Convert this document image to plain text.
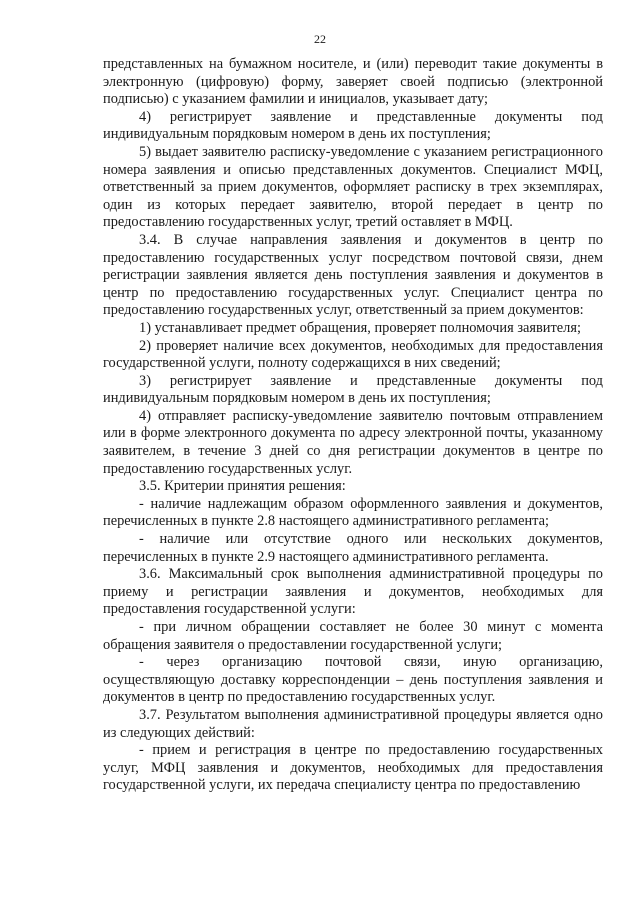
22

представленных на бумажном носителе, и (или) переводит такие документы в электронную (цифровую) форму, заверяет своей подписью (электронной подписью) с указанием фамилии и инициалов, указывает дату;

4) регистрирует заявление и представленные документы под индивидуальным порядковым номером в день их поступления;

5) выдает заявителю расписку-уведомление с указанием регистрационного номера заявления и описью представленных документов. Специалист МФЦ, ответственный за прием документов, оформляет расписку в трех экземплярах, один из которых передает заявителю, второй передает в центр по предоставлению государственных услуг, третий оставляет в МФЦ.

3.4. В случае направления заявления и документов в центр по предоставлению государственных услуг посредством почтовой связи, днем регистрации заявления является день поступления заявления и документов в центр по предоставлению государственных услуг. Специалист центра по предоставлению государственных услуг, ответственный за прием документов:

1) устанавливает предмет обращения, проверяет полномочия заявителя;

2) проверяет наличие всех документов, необходимых для предоставления государственной услуги, полноту содержащихся в них сведений;

3) регистрирует заявление и представленные документы под индивидуальным порядковым номером в день их поступления;

4) отправляет расписку-уведомление заявителю почтовым отправлением или в форме электронного документа по адресу электронной почты, указанному заявителем, в течение 3 дней со дня регистрации документов в центре по предоставлению государственных услуг.

3.5. Критерии принятия решения:

- наличие надлежащим образом оформленного заявления и документов, перечисленных в пункте 2.8 настоящего административного регламента;

- наличие или отсутствие одного или нескольких документов, перечисленных в пункте 2.9 настоящего административного регламента.

3.6. Максимальный срок выполнения административной процедуры по приему и регистрации заявления и документов, необходимых для предоставления государственной услуги:

- при личном обращении составляет не более 30 минут с момента обращения заявителя о предоставлении государственной услуги;

- через организацию почтовой связи, иную организацию, осуществляющую доставку корреспонденции – день поступления заявления и документов в центр по предоставлению государственных услуг.

3.7. Результатом выполнения административной процедуры является одно из следующих действий:

- прием и регистрация в центре по предоставлению государственных услуг, МФЦ заявления и документов, необходимых для предоставления государственной услуги, их передача специалисту центра по предоставлению
